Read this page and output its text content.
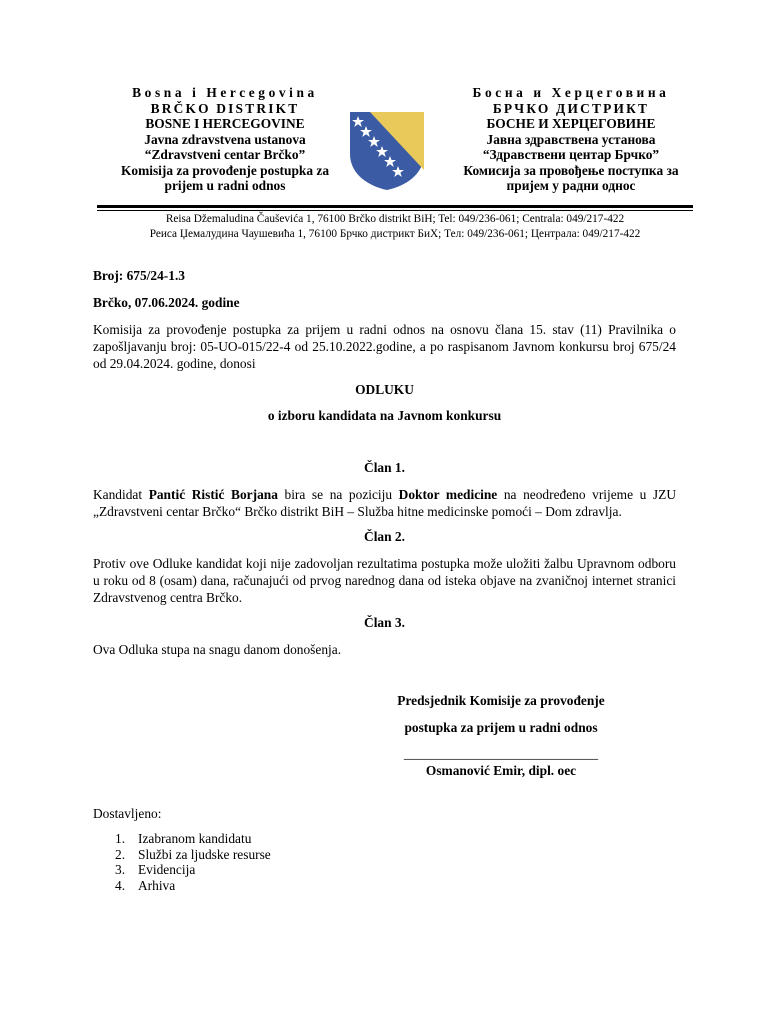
Bosna i Hercegovina
BRČKO DISTRIKT
BOSNE I HERCEGOVINE
Javna zdravstvena ustanova
“Zdravstveni centar Brčko”
Komisija za provođenje postupka za
prijem u radni odnos
Босна и Херцеговина
БРЧКО ДИСТРИКТ
БОСНЕ И ХЕРЦЕГОВИНЕ
Јавна здравствена установа
“Здравствени центар Брчко”
Комисија за провођење поступка за
пријем у радни однос
Reisa Džemaludina Čauševića 1, 76100 Brčko distrikt BiH; Tel: 049/236-061; Centrala: 049/217-422
Реиса Џемалудина Чаушевића 1, 76100 Брчко дистрикт БиХ; Тел: 049/236-061; Централа: 049/217-422
Broj: 675/24-1.3
Brčko, 07.06.2024. godine
Komisija za provođenje postupka za prijem u radni odnos na osnovu člana 15. stav (11) Pravilnika o zapošljavanju broj: 05-UO-015/22-4 od 25.10.2022.godine, a po raspisanom Javnom konkursu broj 675/24 od 29.04.2024. godine, donosi
ODLUKU
o izboru kandidata na Javnom konkursu
Član 1.
Kandidat Pantić Ristić Borjana bira se na poziciju Doktor medicine na neodređeno vrijeme u JZU „Zdravstveni centar Brčko“ Brčko distrikt BiH – Služba hitne medicinske pomoći – Dom zdravlja.
Član 2.
Protiv ove Odluke kandidat koji nije zadovoljan rezultatima postupka može uložiti žalbu Upravnom odboru u roku od 8 (osam) dana, računajući od prvog narednog dana od isteka objave na zvaničnoj internet stranici Zdravstvenog centra Brčko.
Član 3.
Ova Odluka stupa na snagu danom donošenja.
Predsjednik Komisije za provođenje
postupka za prijem u radni odnos
_____________________________
Osmanović Emir, dipl. oec
Dostavljeno:
1. Izabranom kandidatu
2. Službi za ljudske resurse
3. Evidencija
4. Arhiva
